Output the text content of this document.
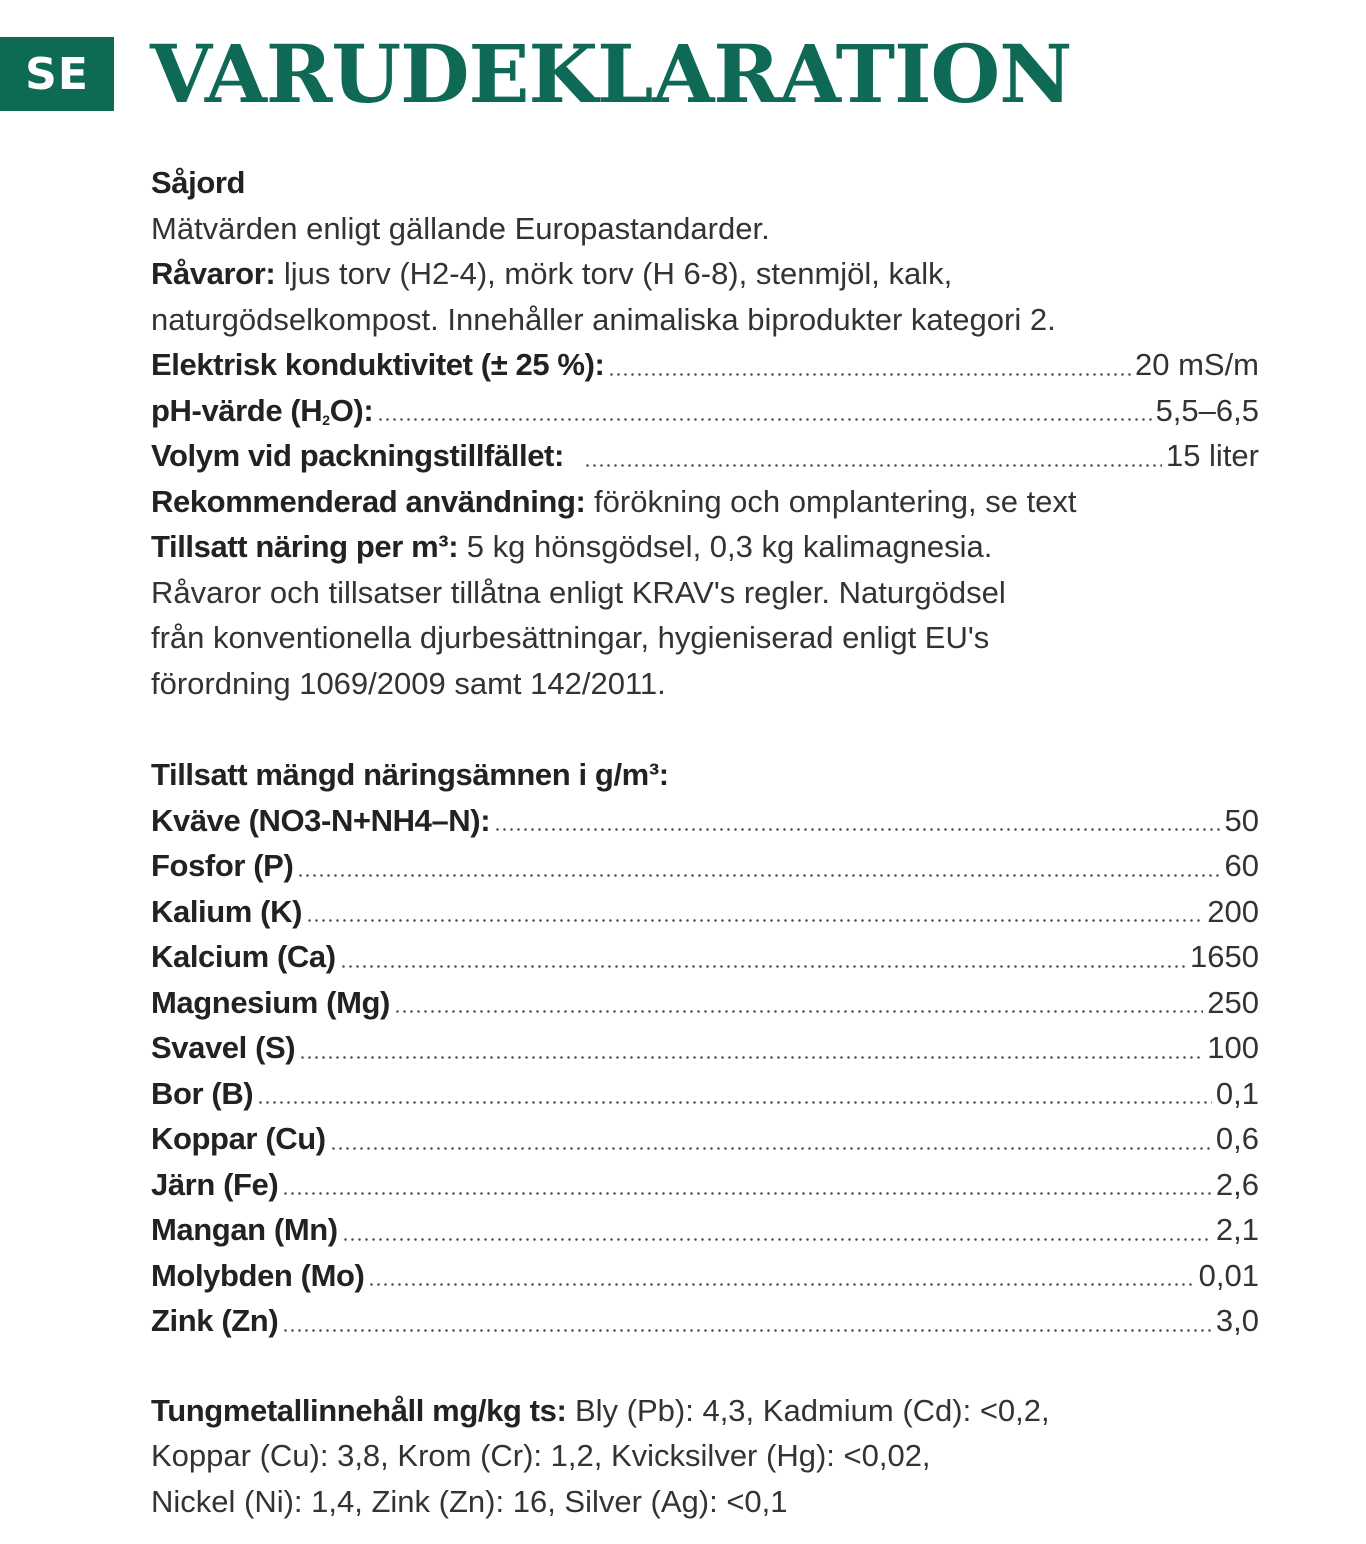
SE VARUDEKLARATION
Såjord
Mätvärden enligt gällande Europastandarder.
Råvaror: ljus torv (H2-4), mörk torv (H 6-8), stenmjöl, kalk,
naturgödselkompost. Innehåller animaliska biprodukter kategori 2.
Elektrisk konduktivitet (± 25 %):	20 mS/m
pH-värde $(H_2O)$:	5,5–6,5
Volym vid packningstillfället:	15 liter
Rekommenderad användning: förökning och omplantering, se text
Tillsatt näring per m³: 5 kg hönsgödsel, 0,3 kg kalimagnesia.
Råvaror och tillsatser tillåtna enligt KRAV's regler. Naturgödsel
från konventionella djurbesättningar, hygieniserad enligt EU's
förordning 1069/2009 samt 142/2011.
Tillsatt mängd näringsämnen i g/m³:
Kväve (NO3-N+NH4–N):	50
Fosfor (P)	60
Kalium (K)	200
Kalcium (Ca)	1650
Magnesium (Mg)	250
Svavel (S)	100
Bor (B)	0,1
Koppar (Cu)	0,6
Järn (Fe)	2,6
Mangan (Mn)	2,1
Molybden (Mo)	0,01
Zink (Zn)	3,0
Tungmetallinnehåll mg/kg ts: Bly (Pb): 4,3, Kadmium (Cd): <0,2,
Koppar (Cu): 3,8, Krom (Cr): 1,2, Kvicksilver (Hg): <0,02,
Nickel (Ni): 1,4, Zink (Zn): 16, Silver (Ag): <0,1
